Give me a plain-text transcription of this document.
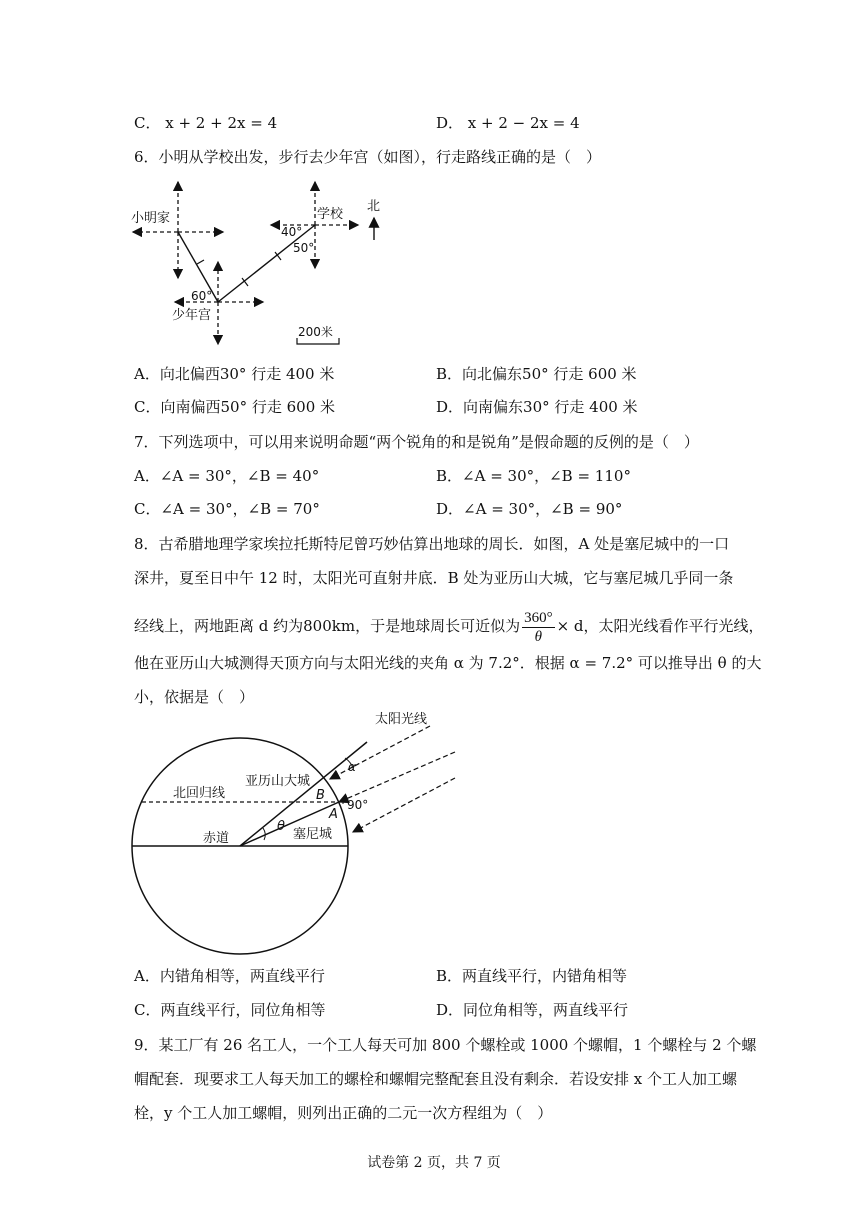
C． x + 2 + 2x = 4	D． x + 2 − 2x = 4
6．小明从学校出发，步行去少年宫（如图），行走路线正确的是（　）
小明家	学校
北
少年宫
60°
40°
50°
200米
A．向北偏西30° 行走 400 米	B．向北偏东50° 行走 600 米
C．向南偏西50° 行走 600 米	D．向南偏东30° 行走 400 米
7．下列选项中，可以用来说明命题“两个锐角的和是锐角”是假命题的反例的是（　）
A．∠A = 30°，∠B = 40°	B．∠A = 30°，∠B = 110°
C．∠A = 30°，∠B = 70°	D．∠A = 30°，∠B = 90°
8．古希腊地理学家埃拉托斯特尼曾巧妙估算出地球的周长．如图，A 处是塞尼城中的一口
深井，夏至日中午 12 时，太阳光可直射井底．B 处为亚历山大城，它与塞尼城几乎同一条
经线上，两地距离 d 约为800km，于是地球周长可近似为 $\frac{360^\circ}{\theta} \times d$，太阳光线看作平行光线，
他在亚历山大城测得天顶方向与太阳光线的夹角 α 为 7.2°．根据 α = 7.2° 可以推导出 θ 的大
小，依据是（　）
太阳光线
亚历山大城
北回归线	B
A
90°
θ
α
赤道	塞尼城
A．内错角相等，两直线平行	B．两直线平行，内错角相等
C．两直线平行，同位角相等	D．同位角相等，两直线平行
9．某工厂有 26 名工人，一个工人每天可加 800 个螺栓或 1000 个螺帽，1 个螺栓与 2 个螺
帽配套．现要求工人每天加工的螺栓和螺帽完整配套且没有剩余．若设安排 x 个工人加工螺
栓，y 个工人加工螺帽，则列出正确的二元一次方程组为（　）
试卷第 2 页，共 7 页
